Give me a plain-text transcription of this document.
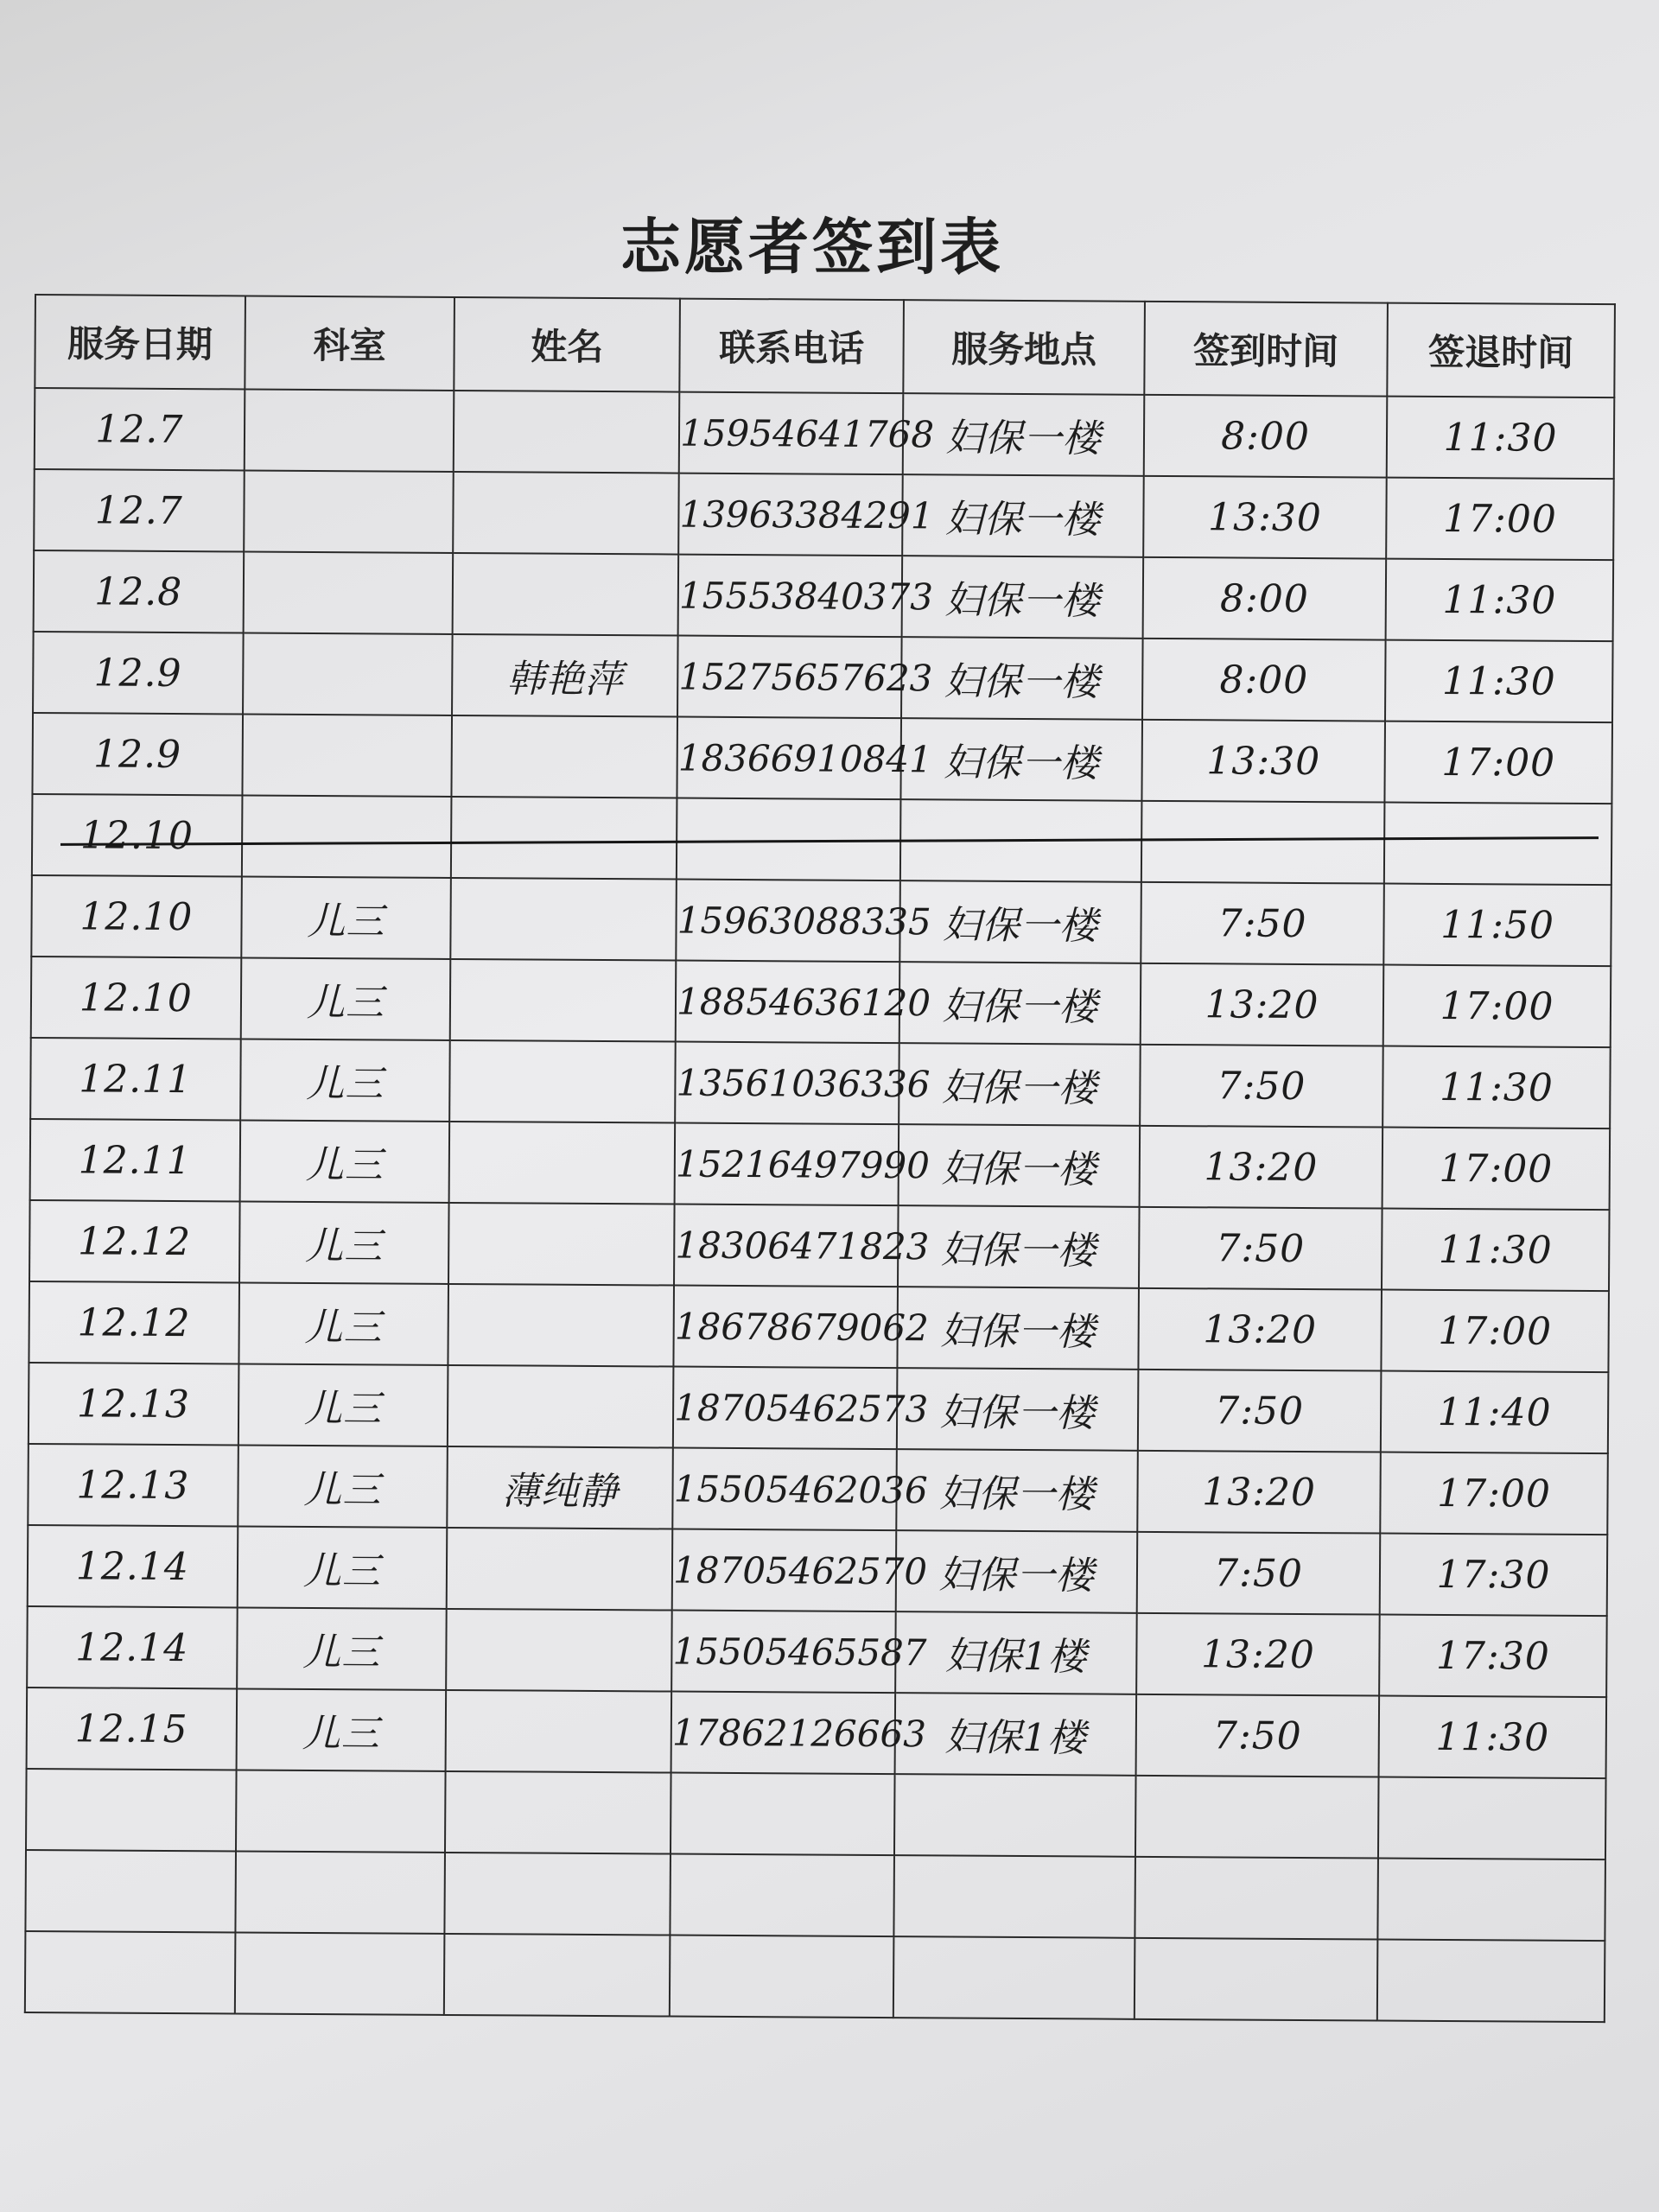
志愿者签到表
服务日期	科室	姓名	联系电话	服务地点	签到时间	签退时间
12.7			15954641768	妇保一楼	8:00	11:30
12.7			13963384291	妇保一楼	13:30	17:00
12.8			15553840373	妇保一楼	8:00	11:30
12.9		韩艳萍	15275657623	妇保一楼	8:00	11:30
12.9			18366910841	妇保一楼	13:30	17:00
12.10						
12.10	儿三		15963088335	妇保一楼	7:50	11:50
12.10	儿三		18854636120	妇保一楼	13:20	17:00
12.11	儿三		13561036336	妇保一楼	7:50	11:30
12.11	儿三		15216497990	妇保一楼	13:20	17:00
12.12	儿三		18306471823	妇保一楼	7:50	11:30
12.12	儿三		18678679062	妇保一楼	13:20	17:00
12.13	儿三		18705462573	妇保一楼	7:50	11:40
12.13	儿三	薄纯静	15505462036	妇保一楼	13:20	17:00
12.14	儿三		18705462570	妇保一楼	7:50	17:30
12.14	儿三		15505465587	妇保1楼	13:20	17:30
12.15	儿三		17862126663	妇保1楼	7:50	11:30
